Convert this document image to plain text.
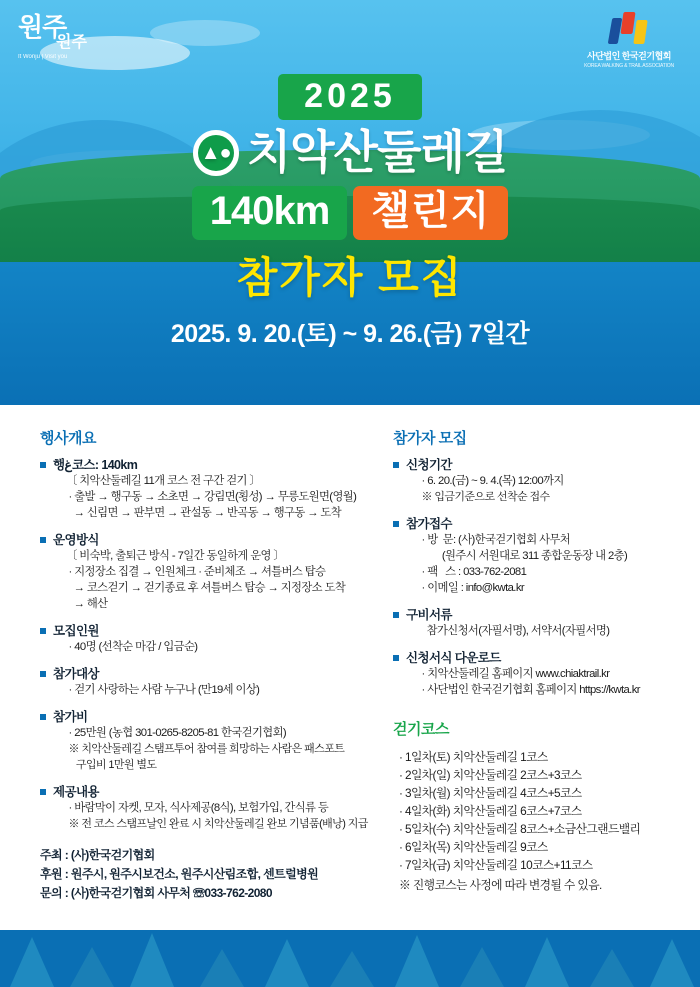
원주
원주
It Wonju | Visit you	사단법인 한국걷기협회
KOREA WALKING & TRAIL ASSOCIATION
2025
▲● 치악산둘레길
140km 챌린지
참가자 모집
2025. 9. 20.(토) ~ 9. 26.(금) 7일간
행사개요
행غ코스: 140km
〔 치악산둘레길 11개 코스 전 구간 걷기 〕
· 출발 → 행구동 → 소초면 → 강림면(횡성) → 무릉도원면(영월)
→ 신림면 → 판부면 → 관설동 → 반곡동 → 행구동 → 도착
운영방식
〔 비숙박, 출퇴근 방식 - 7일간 동일하게 운영 〕
· 지정장소 집결 → 인원체크 · 준비체조 → 셔틀버스 탑승
→ 코스걷기 → 걷기종료 후 셔틀버스 탑승 → 지정장소 도착
→ 해산
모집인원
· 40명 (선착순 마감 / 입금순)
참가대상
· 걷기 사랑하는 사람 누구나 (만19세 이상)
참가비
· 25만원 (농협 301-0265-8205-81 한국걷기협회)
※ 치악산둘레길 스탬프투어 참여를 희망하는 사람은 패스포트
구입비 1만원 별도
제공내용
· 바람막이 자켓, 모자, 식사제공(8식), 보험가입, 간식류 등
※ 전 코스 스탬프날인 완료 시 치악산둘레길 완보 기념품(배낭) 지급
주최 : (사)한국걷기협회
후원 : 원주시, 원주시보건소, 원주시산림조합, 센트럴병원
문의 : (사)한국걷기협회 사무처 ☏033-762-2080
참가자 모집
신청기간
· 6. 20.(금) ~ 9. 4.(목) 12:00까지
※ 입금기준으로 선착순 접수
참가접수
· 방  문: (사)한국걷기협회 사무처
(원주시 서원대로 311 종합운동장 내 2층)
· 팩   스 : 033-762-2081
· 이메일 : info@kwta.kr
구비서류
참가신청서(자필서명), 서약서(자필서명)
신청서식 다운로드
· 치악산둘레길 홈페이지 www.chiaktrail.kr
· 사단법인 한국걷기협회 홈페이지 https://kwta.kr
걷기코스
· 1일차(토) 치악산둘레길 1코스
· 2일차(일) 치악산둘레길 2코스+3코스
· 3일차(월) 치악산둘레길 4코스+5코스
· 4일차(화) 치악산둘레길 6코스+7코스
· 5일차(수) 치악산둘레길 8코스+소금산그랜드밸리
· 6일차(목) 치악산둘레길 9코스
· 7일차(금) 치악산둘레길 10코스+11코스
※ 진행코스는 사정에 따라 변경될 수 있음.
